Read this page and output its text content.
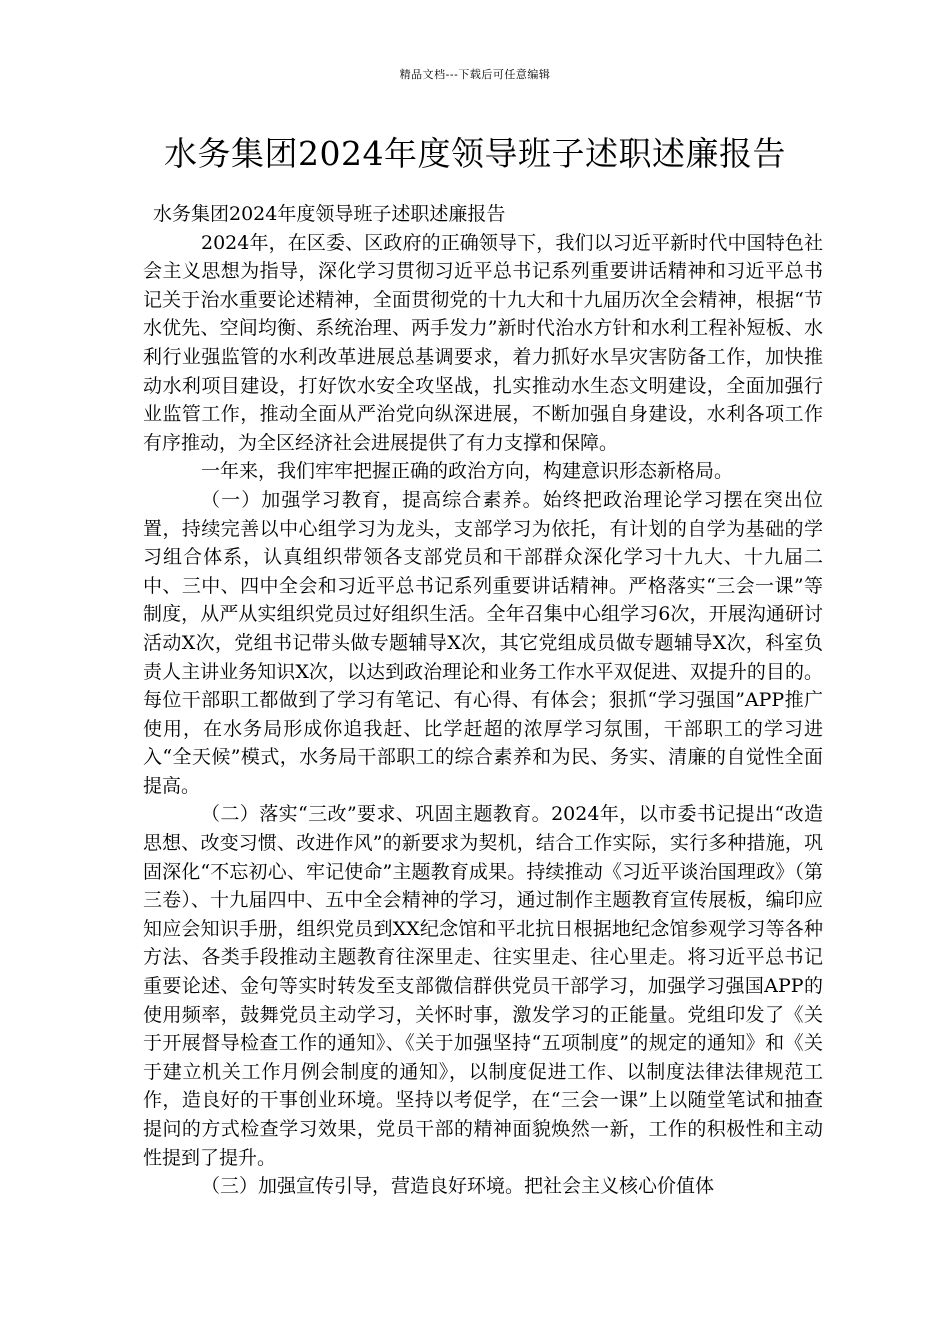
精品文档---下载后可任意编辑
水务集团2024年度领导班子述职述廉报告

水务集团2024年度领导班子述职述廉报告

2024年，在区委、区政府的正确领导下，我们以习近平新时代中国特色社会主义思想为指导，深化学习贯彻习近平总书记系列重要讲话精神和习近平总书记关于治水重要论述精神，全面贯彻党的十九大和十九届历次全会精神，根据“节水优先、空间均衡、系统治理、两手发力”新时代治水方针和水利工程补短板、水利行业强监管的水利改革进展总基调要求，着力抓好水旱灾害防备工作，加快推动水利项目建设，打好饮水安全攻坚战，扎实推动水生态文明建设，全面加强行业监管工作，推动全面从严治党向纵深进展，不断加强自身建设，水利各项工作有序推动，为全区经济社会进展提供了有力支撑和保障。

一年来，我们牢牢把握正确的政治方向，构建意识形态新格局。

（一）加强学习教育，提高综合素养。始终把政治理论学习摆在突出位置，持续完善以中心组学习为龙头，支部学习为依托，有计划的自学为基础的学习组合体系，认真组织带领各支部党员和干部群众深化学习十九大、十九届二中、三中、四中全会和习近平总书记系列重要讲话精神。严格落实“三会一课”等制度，从严从实组织党员过好组织生活。全年召集中心组学习6次，开展沟通研讨活动X次，党组书记带头做专题辅导X次，其它党组成员做专题辅导X次，科室负责人主讲业务知识X次，以达到政治理论和业务工作水平双促进、双提升的目的。每位干部职工都做到了学习有笔记、有心得、有体会；狠抓“学习强国”APP推广使用，在水务局形成你追我赶、比学赶超的浓厚学习氛围，干部职工的学习进入“全天候”模式，水务局干部职工的综合素养和为民、务实、清廉的自觉性全面提高。

（二）落实“三改”要求、巩固主题教育。2024年，以市委书记提出“改造思想、改变习惯、改进作风”的新要求为契机，结合工作实际，实行多种措施，巩固深化“不忘初心、牢记使命”主题教育成果。持续推动《习近平谈治国理政》（第三卷）、十九届四中、五中全会精神的学习，通过制作主题教育宣传展板，编印应知应会知识手册，组织党员到XX纪念馆和平北抗日根据地纪念馆参观学习等各种方法、各类手段推动主题教育往深里走、往实里走、往心里走。将习近平总书记重要论述、金句等实时转发至支部微信群供党员干部学习，加强学习强国APP的使用频率，鼓舞党员主动学习，关怀时事，激发学习的正能量。党组印发了《关于开展督导检查工作的通知》、《关于加强坚持“五项制度”的规定的通知》和《关于建立机关工作月例会制度的通知》，以制度促进工作、以制度法律法律规范工作，造良好的干事创业环境。坚持以考促学，在“三会一课”上以随堂笔试和抽查提问的方式检查学习效果，党员干部的精神面貌焕然一新，工作的积极性和主动性提到了提升。

（三）加强宣传引导，营造良好环境。把社会主义核心价值体
